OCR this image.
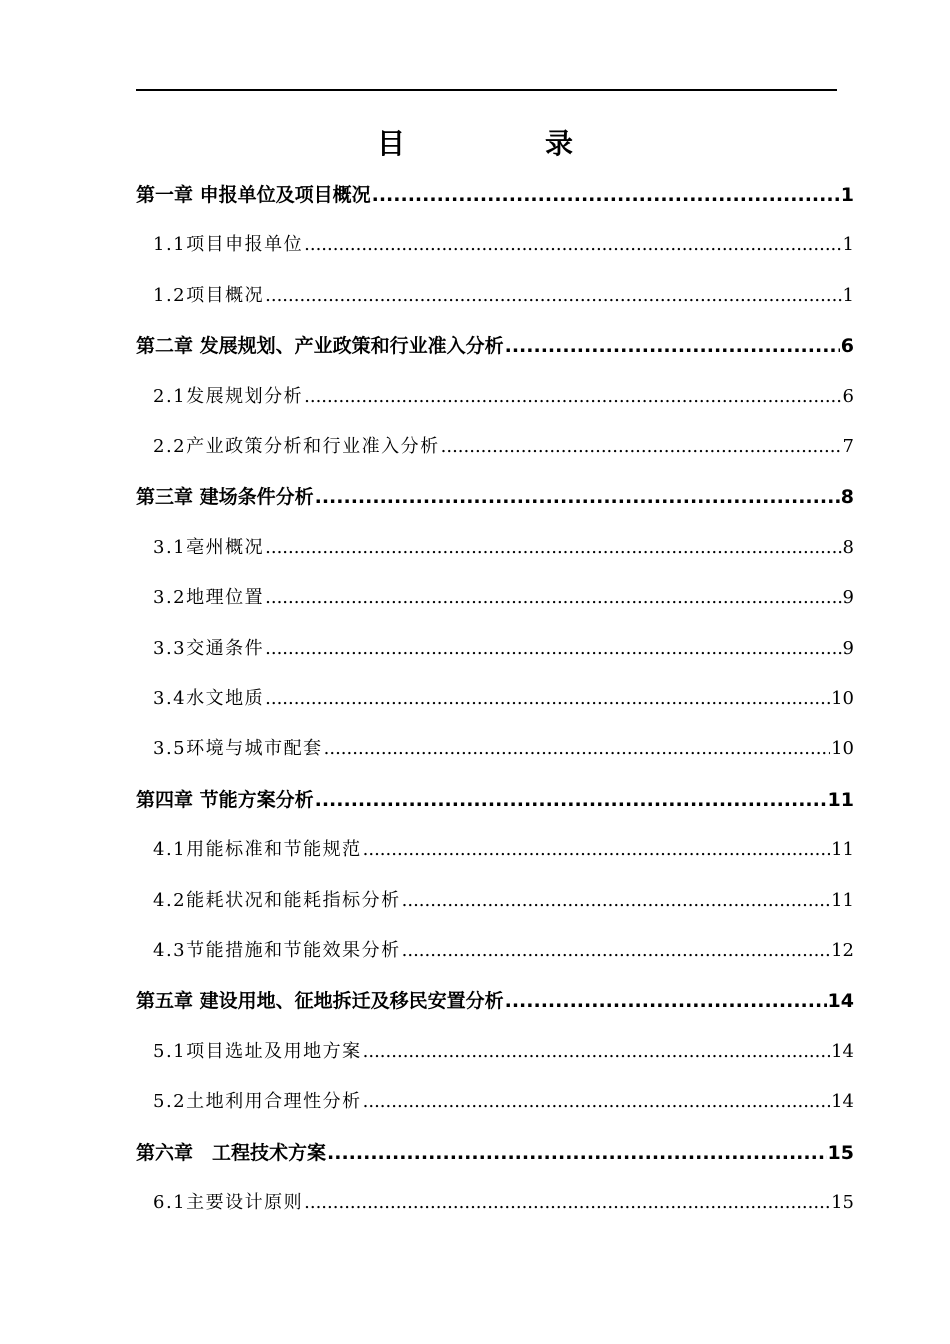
目　录
第一章 申报单位及项目概况 .....	1
1.1项目申报单位 .....	1
1.2项目概况 .....	1
第二章 发展规划、产业政策和行业准入分析 .....	6
2.1发展规划分析 .....	6
2.2产业政策分析和行业准入分析 .....	7
第三章 建场条件分析 .....	8
3.1亳州概况 .....	8
3.2地理位置 .....	9
3.3交通条件 .....	9
3.4水文地质 .....	10
3.5环境与城市配套 .....	10
第四章 节能方案分析 .....	11
4.1用能标准和节能规范 .....	11
4.2能耗状况和能耗指标分析 .....	11
4.3节能措施和节能效果分析 .....	12
第五章 建设用地、征地拆迁及移民安置分析 .....	14
5.1项目选址及用地方案 .....	14
5.2土地利用合理性分析 .....	14
第六章　工程技术方案 .....	15
6.1主要设计原则 .....	15
